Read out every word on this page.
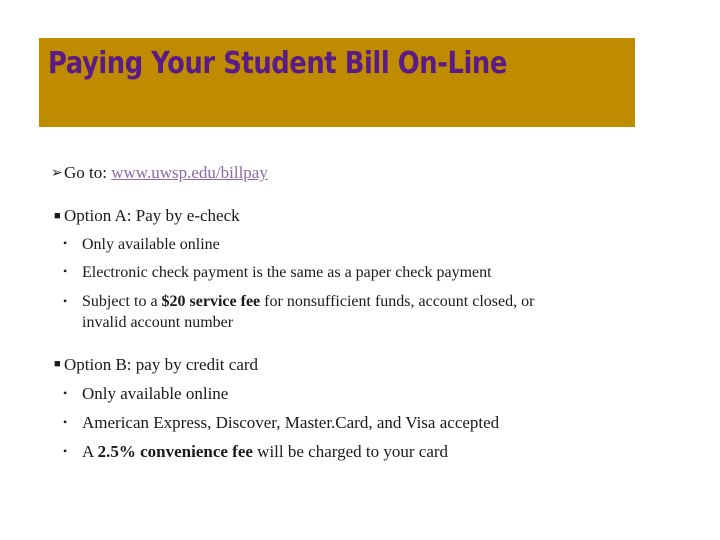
Paying Your Student Bill On-Line
➢ Go to: www.uwsp.edu/billpay
■ Option A: Pay by e-check
• Only available online
• Electronic check payment is the same as a paper check payment
• Subject to a $20 service fee for nonsufficient funds, account closed, or
invalid account number
■ Option B: pay by credit card
• Only available online
• American Express, Discover, Master.Card, and Visa accepted
• A 2.5% convenience fee will be charged to your card
